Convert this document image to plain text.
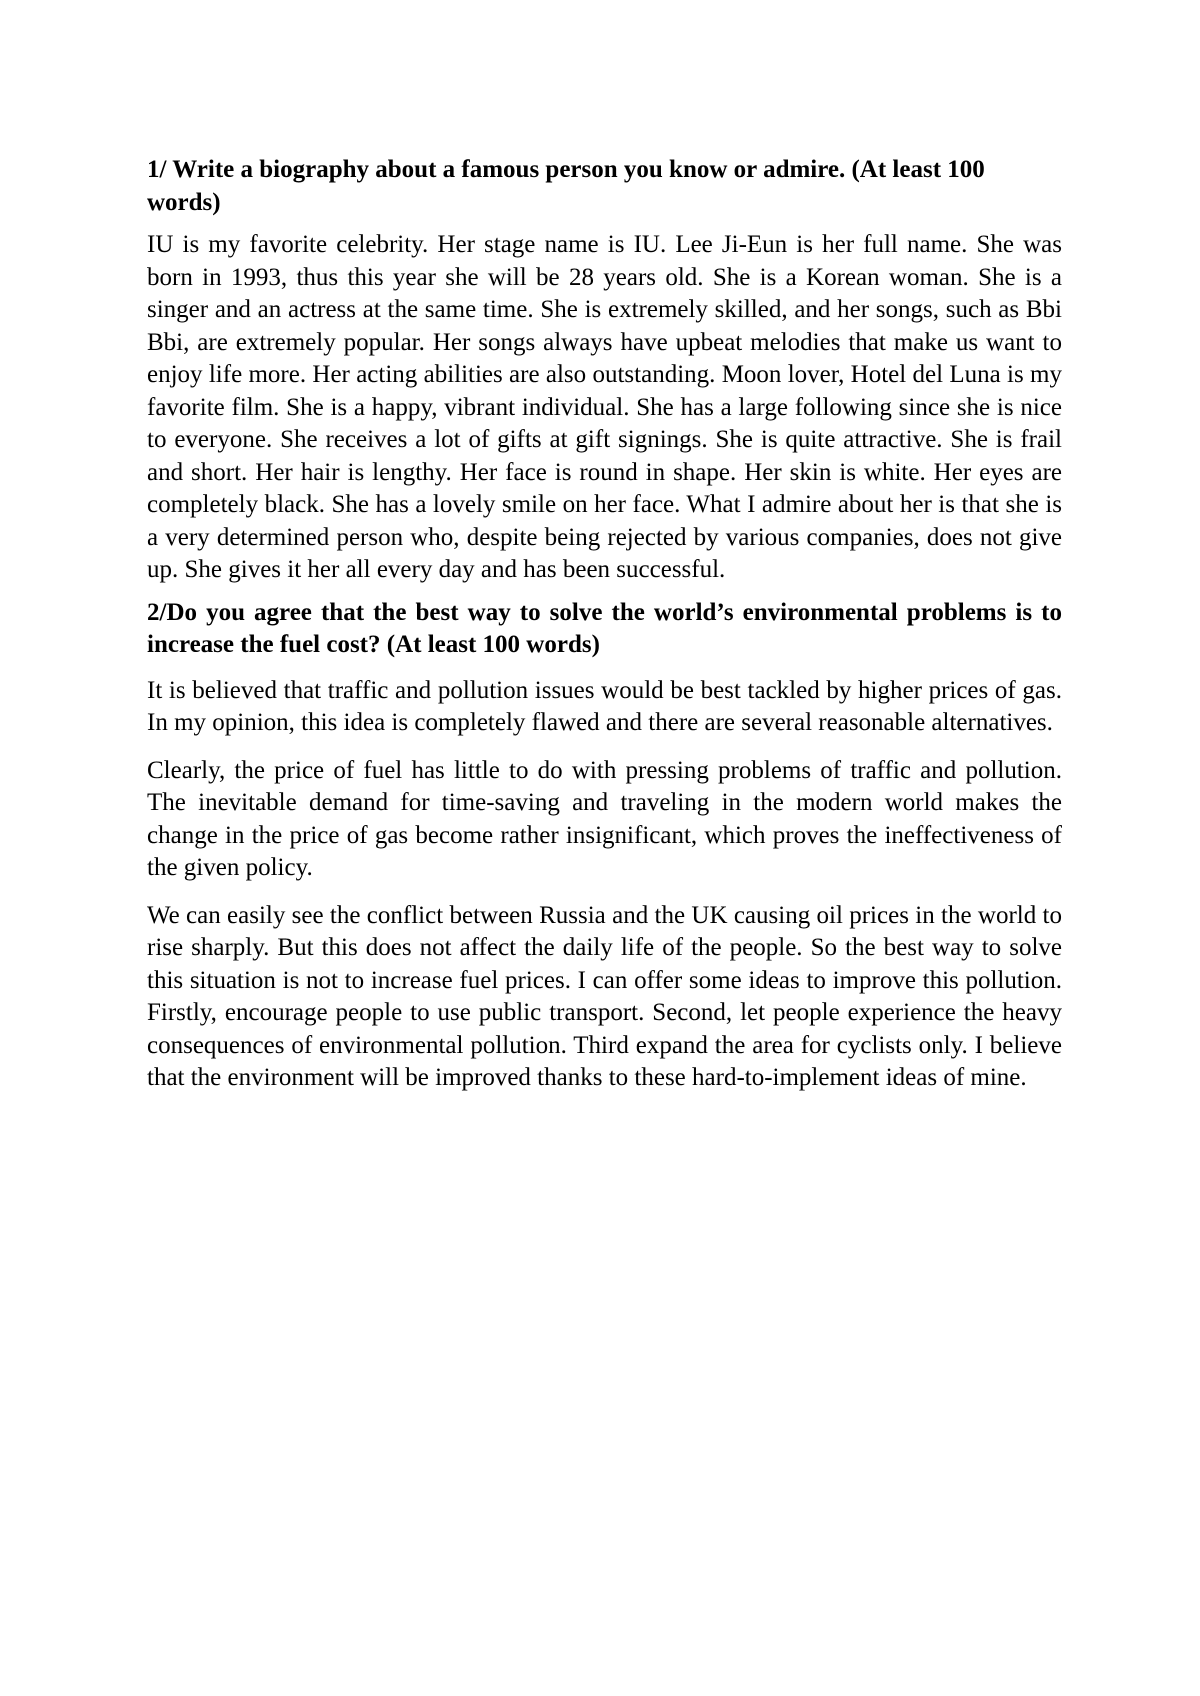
1/ Write a biography about a famous person you know or admire. (At least 100 words)

IU is my favorite celebrity. Her stage name is IU. Lee Ji-Eun is her full name. She was born in 1993, thus this year she will be 28 years old. She is a Korean woman. She is a singer and an actress at the same time. She is extremely skilled, and her songs, such as Bbi Bbi, are extremely popular. Her songs always have upbeat melodies that make us want to enjoy life more. Her acting abilities are also outstanding. Moon lover, Hotel del Luna is my favorite film. She is a happy, vibrant individual. She has a large following since she is nice to everyone. She receives a lot of gifts at gift signings. She is quite attractive. She is frail and short. Her hair is lengthy. Her face is round in shape. Her skin is white. Her eyes are completely black. She has a lovely smile on her face. What I admire about her is that she is a very determined person who, despite being rejected by various companies, does not give up. She gives it her all every day and has been successful.

2/Do you agree that the best way to solve the world’s environmental problems is to increase the fuel cost? (At least 100 words)

It is believed that traffic and pollution issues would be best tackled by higher prices of gas. In my opinion, this idea is completely flawed and there are several reasonable alternatives.

Clearly, the price of fuel has little to do with pressing problems of traffic and pollution. The inevitable demand for time-saving and traveling in the modern world makes the change in the price of gas become rather insignificant, which proves the ineffectiveness of the given policy.

We can easily see the conflict between Russia and the UK causing oil prices in the world to rise sharply. But this does not affect the daily life of the people. So the best way to solve this situation is not to increase fuel prices. I can offer some ideas to improve this pollution. Firstly, encourage people to use public transport. Second, let people experience the heavy consequences of environmental pollution. Third expand the area for cyclists only. I believe that the environment will be improved thanks to these hard-to-implement ideas of mine.
